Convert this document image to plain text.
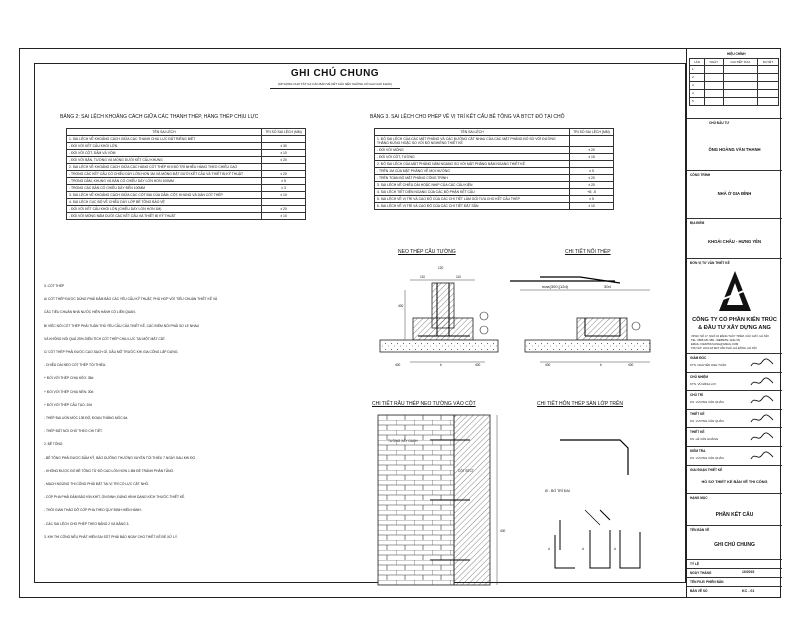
GHI CHÚ CHUNG
(ÁP DỤNG CHO TẤT CẢ CÁC BẢN VẼ KẾT CẤU NẾU KHÔNG CÓ GHI CHÚ KHÁC)
BẢNG 2: SAI LỆCH KHOẢNG CÁCH GIỮA CÁC THANH THÉP, HÀNG THÉP CHỊU LỰC
TÊN SAI LỆCH	TRỊ SỐ SAI LỆCH (MM)
1. SAI LỆCH VỀ KHOẢNG CÁCH GIỮA CÁC THANH CHỊU LỰC ĐẶT RIÊNG BIỆT	
- ĐỐI VỚI KẾT CẤU KHỐI LỚN	± 30
- ĐỐI VỚI CỘT, DẦM VÀ VÒM	± 10
- ĐỐI VỚI BẢN, TƯỜNG VÀ MÓNG DƯỚI KẾT CẤU KHUNG	± 20
2. SAI LỆCH VỀ KHOẢNG CÁCH GIỮA CÁC HÀNG CỐT THÉP KHI BỐ TRÍ NHIỀU HÀNG THEO CHIỀU CAO	
- TRONG CÁC KẾT CẤU CÓ CHIỀU DÀY LỚN HƠN 1M VÀ MÓNG ĐẶT DƯỚI KẾT CẤU VÀ THIẾT BỊ KỸ THUẬT	± 20
- TRONG DẦM, KHUNG VÀ BẢN CÓ CHIỀU DÀY LỚN HƠN 100MM	± 5
- TRONG CÁC BẢN CÓ CHIỀU DÀY ĐẾN 100MM	± 3
3. SAI LỆCH VỀ KHOẢNG CÁCH GIỮA CÁC CỐT ĐAI CỦA DẦM, CỘT, KHUNG VÀ DÀN CỐT THÉP	± 10
4. SAI LỆCH CỤC BỘ VỀ CHIỀU DÀY LỚP BÊ TÔNG BẢO VỆ	
- ĐỐI VỚI KẾT CẤU KHỐI LỚN (CHIỀU DÀY LỚN HƠN 1M)	± 20
- ĐỐI VỚI MÓNG NẰM DƯỚI CÁC KẾT CẤU VÀ THIẾT BỊ KỸ THUẬT	± 10
BẢNG 3. SAI LỆCH CHO PHÉP VỀ VỊ TRÍ KẾT CẤU BÊ TÔNG VÀ BTCT ĐỔ TẠI CHỖ
TÊN SAI LỆCH	TRỊ SỐ SAI LỆCH (MM)
1. ĐỘ SAI LỆCH CỦA CÁC MẶT PHẲNG VÀ CÁC ĐƯỜNG CẮT NHAU CỦA CÁC MẶT PHẲNG ĐÓ SO VỚI ĐƯỜNG THẲNG ĐỨNG HOẶC SO VỚI ĐỘ NGHIÊNG THIẾT KẾ	
- ĐỐI VỚI MÓNG	± 20
- ĐỐI VỚI CỘT, TƯỜNG	± 15
2. ĐỘ SAI LỆCH CỦA MẶT PHẲNG NẰM NGANG SO VỚI MẶT PHẲNG NẰM NGANG THIẾT KẾ	
- TRÊN 1M CỦA MẶT PHẲNG VỀ MỌI HƯỚNG	± 5
- TRÊN TOÀN BỘ MẶT PHẲNG CÔNG TRÌNH	± 20
3. SAI LỆCH VỀ CHIỀU DÀI HOẶC NHỊP CỦA CÁC CẤU KIỆN	± 20
4. SAI LỆCH TIẾT DIỆN NGANG CỦA CÁC BỘ PHẬN KẾT CẤU	+8; -5
5. SAI LỆCH VỀ VỊ TRÍ VÀ CAO ĐỘ CỦA CÁC CHI TIẾT LÀM GỐI TỰA CHO KẾT CẤU THÉP	± 5
6. SAI LỆCH VỀ VỊ TRÍ VÀ CAO ĐỘ CỦA CÁC CHI TIẾT ĐẶT SẴN	± 10
3. CỐT THÉP
A/ CỐT THÉP ĐƯỢC DÙNG PHẢI ĐẢM BẢO CÁC YÊU CẦU KỸ THUẬT, PHÙ HỢP VỚI TIÊU CHUẨN THIẾT KẾ VÀ
CÁC TIÊU CHUẨN NHÀ NƯỚC HIỆN HÀNH CÓ LIÊN QUAN.
B/ VIỆC NỐI CỐT THÉP PHẢI TUÂN THỦ YÊU CẦU CỦA THIẾT KẾ, CÁC ĐIỂM NỐI PHẢI SO LE NHAU
VÀ KHÔNG NỐI QUÁ 25% DIỆN TÍCH CỐT THÉP CHỊU LỰC TẠI MỘT MẶT CẮT.
C/ CỐT THÉP PHẢI ĐƯỢC CẠO SẠCH GỈ, DẦU MỠ TRƯỚC KHI GIA CÔNG LẮP DỰNG.
- CHIỀU DÀI NEO CỐT THÉP TỐI THIỂU:
+ ĐỐI VỚI THÉP CHỊU KÉO: 35d
+ ĐỐI VỚI THÉP CHỊU NÉN: 30d
+ ĐỐI VỚI THÉP CẤU TẠO: 20d
- THÉP ĐAI UỐN MÓC 135 ĐỘ, ĐOẠN THẲNG MÓC 6d.
- THÉP ĐẶT NỐI CHỜ THEO CHI TIẾT.
2. BÊ TÔNG
- BÊ TÔNG PHẢI ĐƯỢC ĐẦM KỸ, BẢO DƯỠNG THƯỜNG XUYÊN TỐI THIỂU 7 NGÀY SAU KHI ĐỔ.
- KHÔNG ĐƯỢC ĐỔ BÊ TÔNG TỪ ĐỘ CAO LỚN HƠN 1.5M ĐỂ TRÁNH PHÂN TẦNG.
- MẠCH NGỪNG THI CÔNG PHẢI ĐẶT TẠI VỊ TRÍ CÓ LỰC CẮT NHỎ.
- CỐP PHA PHẢI ĐẢM BẢO KÍN KHÍT, ỔN ĐỊNH, ĐÚNG HÌNH DẠNG KÍCH THƯỚC THIẾT KẾ.
- THỜI GIAN THÁO DỠ CỐP PHA THEO QUY ĐỊNH HIỆN HÀNH.
- CÁC SAI LỆCH CHO PHÉP THEO BẢNG 2 VÀ BẢNG 3.
3. KHI THI CÔNG NẾU PHÁT HIỆN SAI SÓT PHẢI BÁO NGAY CHO THIẾT KẾ ĐỂ XỬ LÝ.
NEO THÉP CẤU TƯỜNG	CHI TIẾT NỐI THÉP
CHI TIẾT RÂU THÉP NEO TƯỜNG VÀO CỘT	CHI TIẾT HÔN THÉP SÀN LỚP TRÊN
120
110	110
400
400	b	400
max(300;(12d)	30d
400	b	400
TƯỜNG XÂY GẠCH
CỘT BTCT
400
Ø - BỐ TRÍ ĐAI
d	d	d
HIỆU CHỈNH
LẦN	NGÀY	CHI TIẾT SỬA	DUYỆT
1			
2			
3			
4			
5			
CHỦ ĐẦU TƯ
ÔNG HOÀNG VĂN THANH
CÔNG TRÌNH
NHÀ Ở GIA ĐÌNH
ĐỊA ĐIỂM
KHOÁI CHÂU - HƯNG YÊN
ĐƠN VỊ TƯ VẤN THIẾT KẾ
CÔNG TY CỔ PHẦN KIẾN TRÚC
& ĐẦU TƯ XÂY DỰNG ANG
VPGD: SỐ 17, NGÕ 10 ĐẶNG THÙY TRÂM, CẦU GIẤY, HÀ NỘI
TEL: 0868 181 989 - WEBSITE: ANG.VN
EMAIL: KIENTRUCANG@GMAIL.COM
TRỤ SỞ: LK10-18 KĐT VĂN PHÚ, HÀ ĐÔNG, HÀ NỘI
GIÁM ĐỐC
KTS. NGUYỄN ANH TUẤN
CHỦ NHIỆM
KTS. VŨ ĐÌNH LỢI
CHỦ TRÌ
KS. VƯƠNG VĂN QUÂN
THIẾT KẾ
KS. VƯƠNG VĂN QUÂN
THIẾT KẾ
KS. LÊ VĂN HOÀNG
KIỂM TRA
KS. VƯƠNG VĂN QUÂN
GIAI ĐOẠN THIẾT KẾ
HỒ SƠ THIẾT KẾ BẢN VẼ THI CÔNG
HẠNG MỤC
PHẦN KẾT CẤU
TÊN BẢN VẼ
GHI CHÚ CHUNG
TỶ LỆ
NGÀY THÁNG	10/2015
TÊN FILE/ PHIÊN BẢN
BẢN VẼ SỐ	KC - 01
